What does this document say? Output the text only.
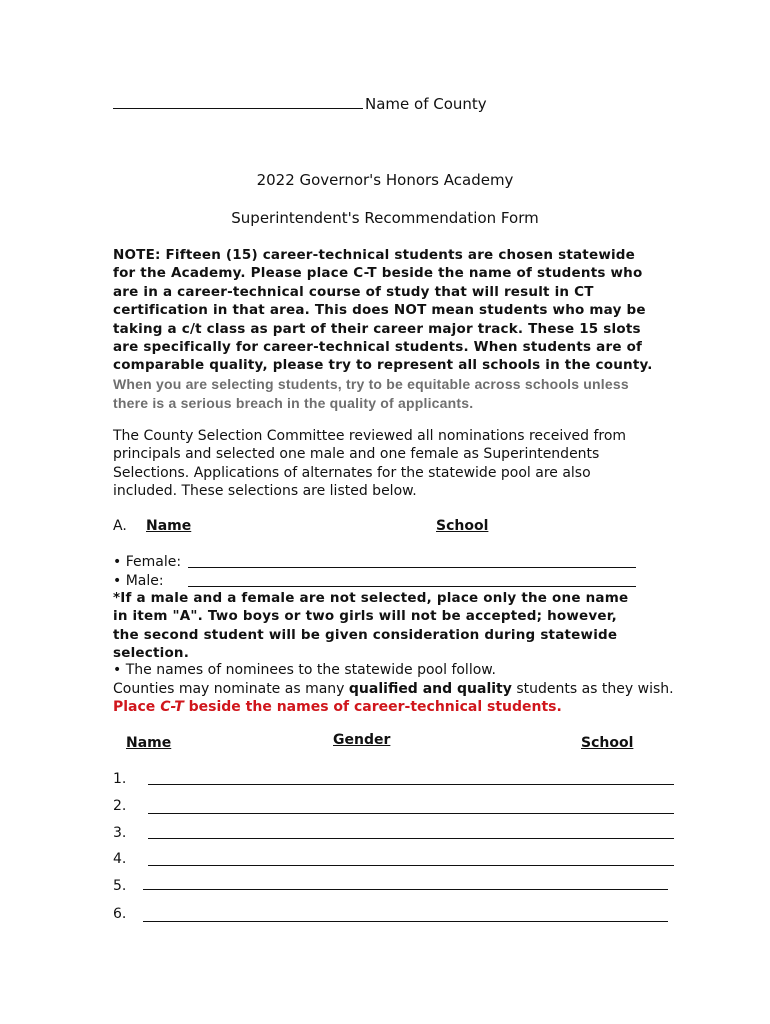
Name of County
2022 Governor's Honors Academy
Superintendent's Recommendation Form
NOTE: Fifteen (15) career-technical students are chosen statewide for the Academy. Please place C-T beside the name of students who are in a career-technical course of study that will result in CT certification in that area. This does NOT mean students who may be taking a c/t class as part of their career major track. These 15 slots are specifically for career-technical students. When students are of comparable quality, please try to represent all schools in the county. When you are selecting students, try to be equitable across schools unless there is a serious breach in the quality of applicants.
The County Selection Committee reviewed all nominations received from principals and selected one male and one female as Superintendents Selections. Applications of alternates for the statewide pool are also included. These selections are listed below.
A. Name	School
• Female:
• Male:
*If a male and a female are not selected, place only the one name in item "A". Two boys or two girls will not be accepted; however, the second student will be given consideration during statewide selection.
• The names of nominees to the statewide pool follow.
Counties may nominate as many qualified and quality students as they wish.
Place C-T beside the names of career-technical students.
Name	Gender	School
1.
2.
3.
4.
5.
6.
